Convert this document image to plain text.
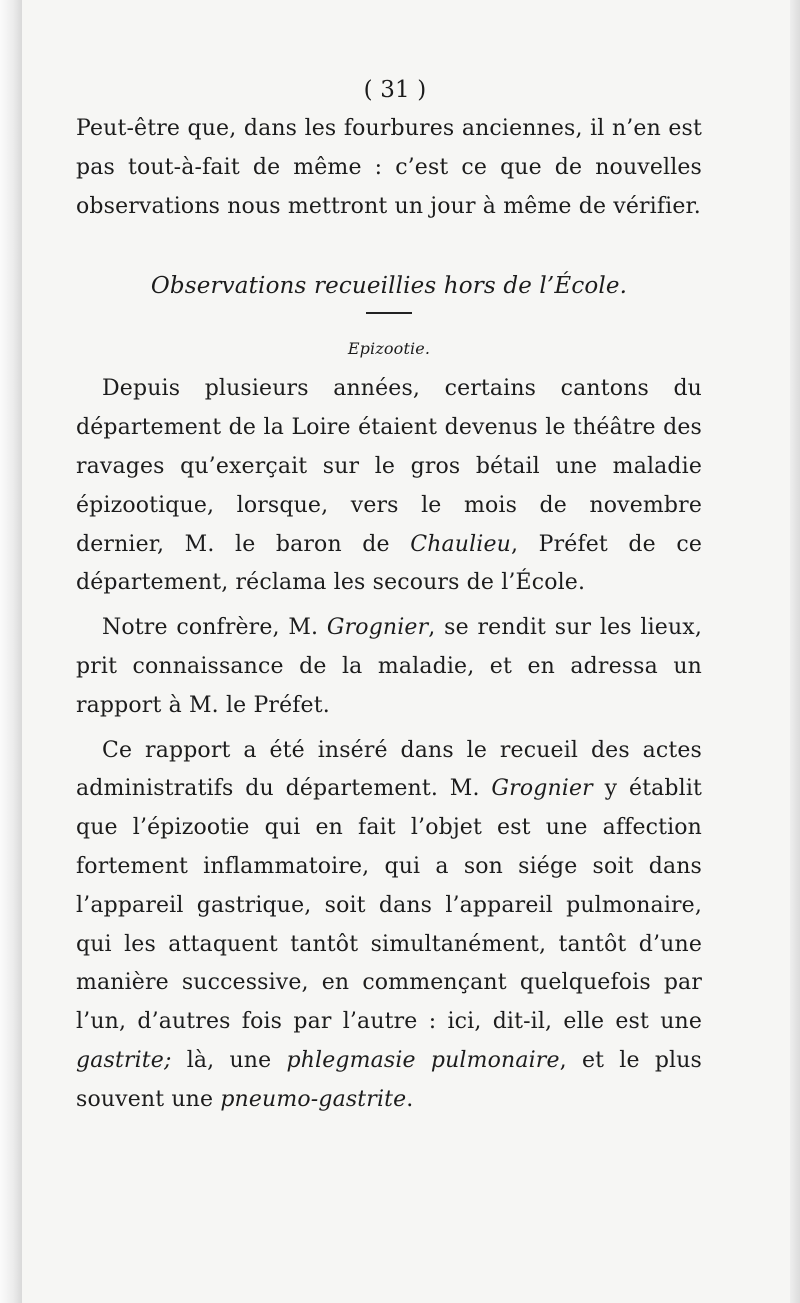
( 31 )

Peut-être que, dans les fourbures anciennes, il n’en est pas tout-à-fait de même : c’est ce que de nouvelles observations nous mettront un jour à même de vérifier.

Observations recueillies hors de l’École.
Epizootie.

Depuis plusieurs années, certains cantons du département de la Loire étaient devenus le théâtre des ravages qu’exerçait sur le gros bétail une maladie épizootique, lorsque, vers le mois de novembre dernier, M. le baron de Chaulieu, Préfet de ce département, réclama les secours de l’École.

Notre confrère, M. Grognier, se rendit sur les lieux, prit connaissance de la maladie, et en adressa un rapport à M. le Préfet.

Ce rapport a été inséré dans le recueil des actes administratifs du département. M. Grognier y établit que l’épizootie qui en fait l’objet est une affection fortement inflammatoire, qui a son siége soit dans l’appareil gastrique, soit dans l’appareil pulmonaire, qui les attaquent tantôt simultanément, tantôt d’une manière successive, en commençant quelquefois par l’un, d’autres fois par l’autre : ici, dit-il, elle est une gastrite; là, une phlegmasie pulmonaire, et le plus souvent une pneumo-gastrite.
